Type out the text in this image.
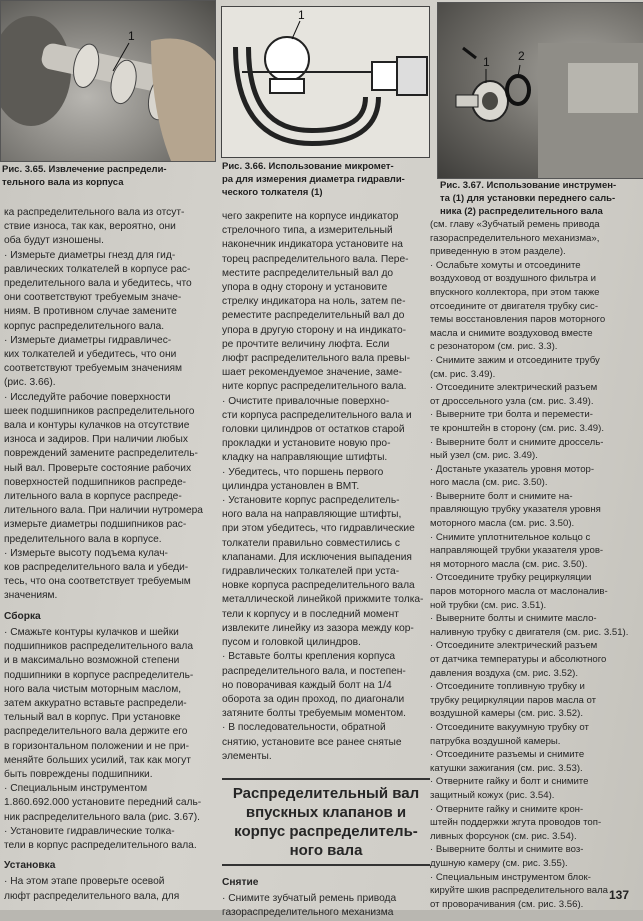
1
Рис. 3.65. Извлечение распредели-
тельного вала из корпуса
1
Рис. 3.66. Использование микромет-
ра для измерения диаметра гидравли-
ческого толкателя (1)
1 2
Рис. 3.67. Использование инструмен-
та (1) для установки переднего саль-
ника (2) распределительного вала

ка распределительного вала из отсут-
ствие износа, так как, вероятно, они
оба будут изношены.

· Измерьте диаметры гнезд для гид-
равлических толкателей в корпусе рас-
пределительного вала и убедитесь, что
они соответствуют требуемым значе-
ниям. В противном случае замените
корпус распределительного вала.

· Измерьте диаметры гидравличес-
ких толкателей и убедитесь, что они
соответствуют требуемым значениям
(рис. 3.66).

· Исследуйте рабочие поверхности
шеек подшипников распределительного
вала и контуры кулачков на отсутствие
износа и задиров. При наличии любых
повреждений замените распределитель-
ный вал. Проверьте состояние рабочих
поверхностей подшипников распреде-
лительного вала в корпусе распреде-
лительного вала. При наличии нутромера
измерьте диаметры подшипников рас-
пределительного вала в корпусе.

· Измерьте высоту подъема кулач-
ков распределительного вала и убеди-
тесь, что она соответствует требуемым
значениям.

Сборка

· Смажьте контуры кулачков и шейки
подшипников распределительного вала
и в максимально возможной степени
подшипники в корпусе распределитель-
ного вала чистым моторным маслом,
затем аккуратно вставьте распредели-
тельный вал в корпус. При установке
распределительного вала держите его
в горизонтальном положении и не при-
меняйте больших усилий, так как могут
быть повреждены подшипники.

· Специальным инструментом
1.860.692.000 установите передний саль-
ник распределительного вала (рис. 3.67).

· Установите гидравлические толка-
тели в корпус распределительного вала.

Установка

· На этом этапе проверьте осевой
люфт распределительного вала, для

чего закрепите на корпусе индикатор
стрелочного типа, а измерительный
наконечник индикатора установите на
торец распределительного вала. Пере-
местите распределительный вал до
упора в одну сторону и установите
стрелку индикатора на ноль, затем пе-
реместите распределительный вал до
упора в другую сторону и на индикато-
ре прочтите величину люфта. Если
люфт распределительного вала превы-
шает рекомендуемое значение, заме-
ните корпус распределительного вала.

· Очистите привалочные поверхно-
сти корпуса распределительного вала и
головки цилиндров от остатков старой
прокладки и установите новую про-
кладку на направляющие штифты.

· Убедитесь, что поршень первого
цилиндра установлен в ВМТ.

· Установите корпус распределитель-
ного вала на направляющие штифты,
при этом убедитесь, что гидравлические
толкатели правильно совместились с
клапанами. Для исключения выпадения
гидравлических толкателей при уста-
новке корпуса распределительного вала
металлической линейкой прижмите толка-
тели к корпусу и в последний момент
извлеките линейку из зазора между кор-
пусом и головкой цилиндров.

· Вставьте болты крепления корпуса
распределительного вала, и постепен-
но поворачивая каждый болт на 1/4
оборота за один проход, по диагонали
затяните болты требуемым моментом.

· В последовательности, обратной
снятию, установите все ранее снятые
элементы.

Распределительный вал
впускных клапанов и
корпус распределитель-
ного вала

Снятие

· Снимите зубчатый ремень привода
газораспределительного механизма

(см. главу «Зубчатый ремень привода
газораспределительного механизма»,
приведенную в этом разделе).

· Ослабьте хомуты и отсоедините
воздуховод от воздушного фильтра и
впускного коллектора, при этом также
отсоедините от двигателя трубку сис-
темы восстановления паров моторного
масла и снимите воздуховод вместе
с резонатором (см. рис. 3.3).

· Снимите зажим и отсоедините трубу
(см. рис. 3.49).

· Отсоедините электрический разъем
от дроссельного узла (см. рис. 3.49).

· Выверните три болта и перемести-
те кронштейн в сторону (см. рис. 3.49).

· Выверните болт и снимите дроссель-
ный узел (см. рис. 3.49).

· Достаньте указатель уровня мотор-
ного масла (см. рис. 3.50).

· Выверните болт и снимите на-
правляющую трубку указателя уровня
моторного масла (см. рис. 3.50).

· Снимите уплотнительное кольцо с
направляющей трубки указателя уров-
ня моторного масла (см. рис. 3.50).

· Отсоедините трубку рециркуляции
паров моторного масла от маслоналив-
ной трубки (см. рис. 3.51).

· Выверните болты и снимите масло-
наливную трубку с двигателя (см. рис. 3.51).

· Отсоедините электрический разъем
от датчика температуры и абсолютного
давления воздуха (см. рис. 3.52).

· Отсоедините топливную трубку и
трубку рециркуляции паров масла от
воздушной камеры (см. рис. 3.52).

· Отсоедините вакуумную трубку от
патрубка воздушной камеры.

· Отсоедините разъемы и снимите
катушки зажигания (см. рис. 3.53).

· Отверните гайку и болт и снимите
защитный кожух (рис. 3.54).

· Отверните гайку и снимите крон-
штейн поддержки жгута проводов топ-
ливных форсунок (см. рис. 3.54).

· Выверните болты и снимите воз-
душную камеру (см. рис. 3.55).

· Специальным инструментом блок-
кируйте шкив распределительного вала
от проворачивания (см. рис. 3.56).

137
